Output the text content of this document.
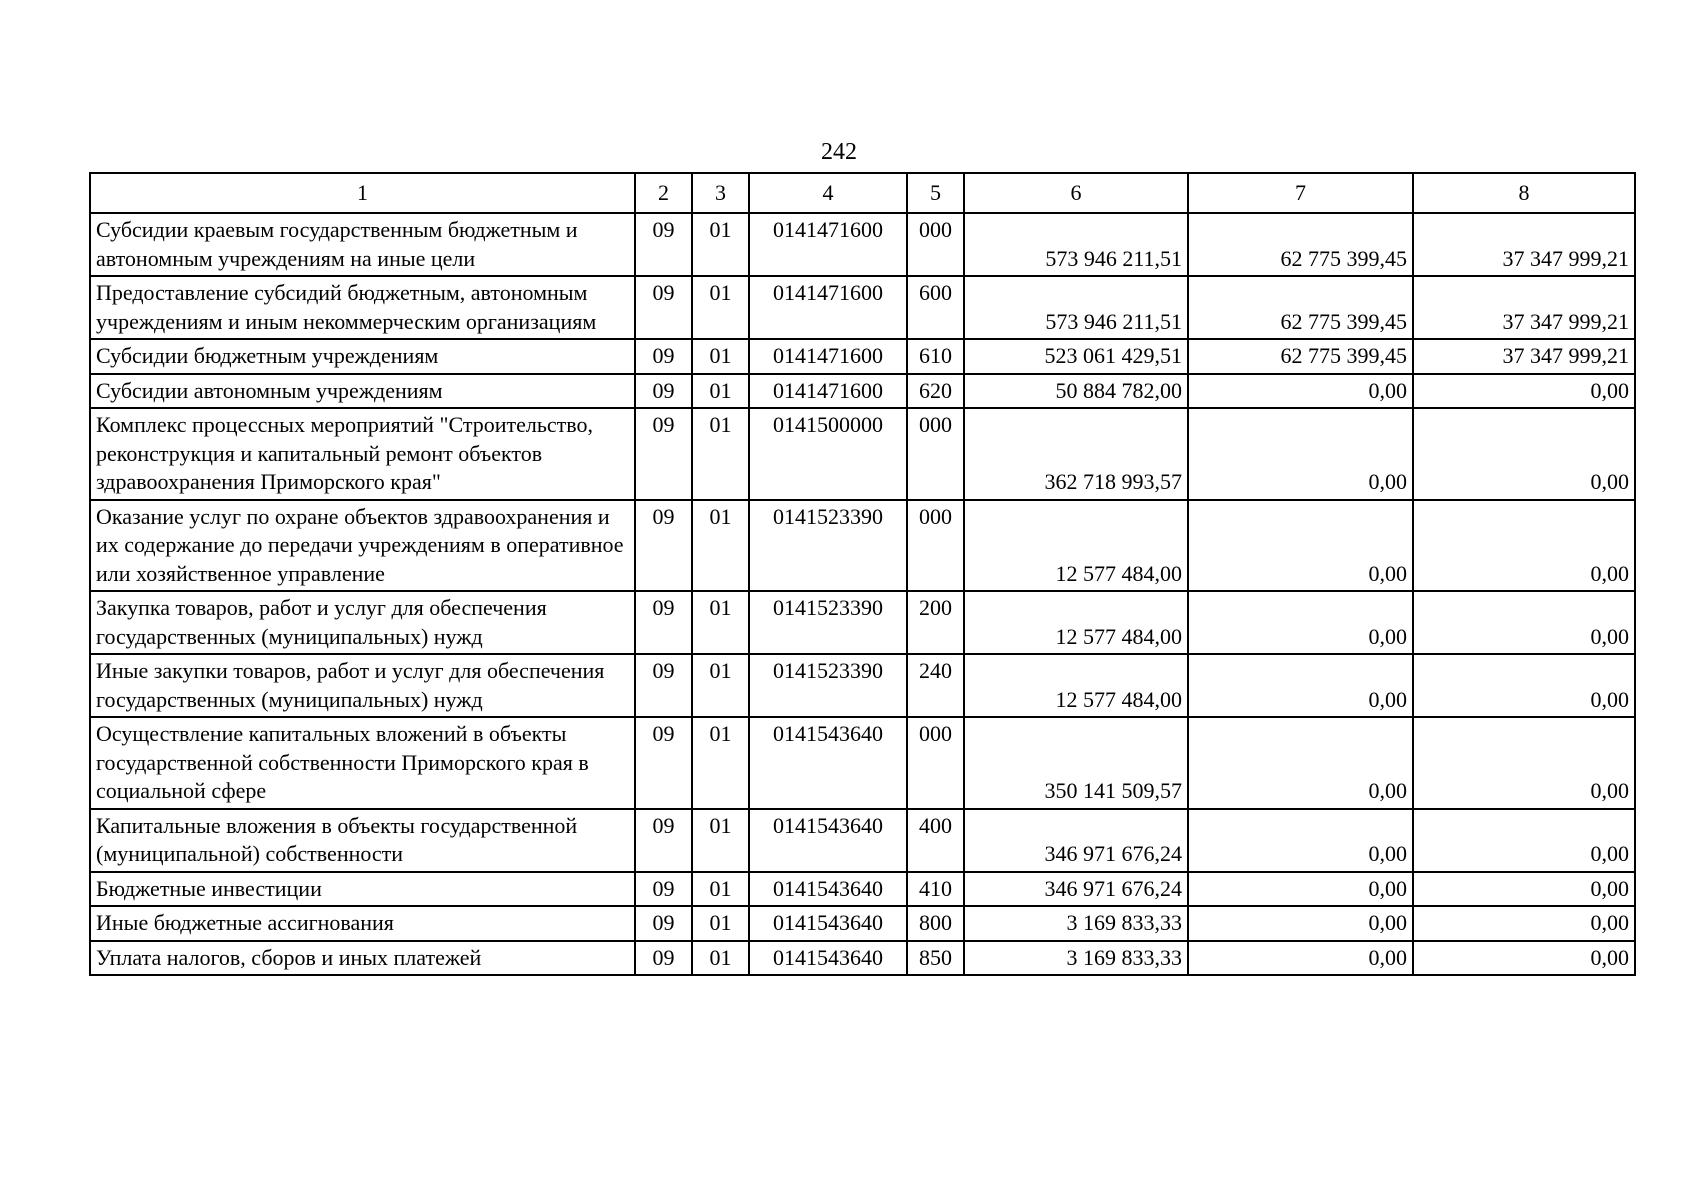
242
1	2	3	4	5	6	7	8
Субсидии краевым государственным бюджетным и автономным учреждениям на иные цели	09	01	0141471600	000	573 946 211,51	62 775 399,45	37 347 999,21
Предоставление субсидий бюджетным, автономным учреждениям и иным некоммерческим организациям	09	01	0141471600	600	573 946 211,51	62 775 399,45	37 347 999,21
Субсидии бюджетным учреждениям	09	01	0141471600	610	523 061 429,51	62 775 399,45	37 347 999,21
Субсидии автономным учреждениям	09	01	0141471600	620	50 884 782,00	0,00	0,00
Комплекс процессных мероприятий "Строительство, реконструкция и капитальный ремонт объектов здравоохранения Приморского края"	09	01	0141500000	000	362 718 993,57	0,00	0,00
Оказание услуг по охране объектов здравоохранения и их содержание до передачи учреждениям в оперативное или хозяйственное управление	09	01	0141523390	000	12 577 484,00	0,00	0,00
Закупка товаров, работ и услуг для обеспечения государственных (муниципальных) нужд	09	01	0141523390	200	12 577 484,00	0,00	0,00
Иные закупки товаров, работ и услуг для обеспечения государственных (муниципальных) нужд	09	01	0141523390	240	12 577 484,00	0,00	0,00
Осуществление капитальных вложений в объекты государственной собственности Приморского края в социальной сфере	09	01	0141543640	000	350 141 509,57	0,00	0,00
Капитальные вложения в объекты государственной (муниципальной) собственности	09	01	0141543640	400	346 971 676,24	0,00	0,00
Бюджетные инвестиции	09	01	0141543640	410	346 971 676,24	0,00	0,00
Иные бюджетные ассигнования	09	01	0141543640	800	3 169 833,33	0,00	0,00
Уплата налогов, сборов и иных платежей	09	01	0141543640	850	3 169 833,33	0,00	0,00
